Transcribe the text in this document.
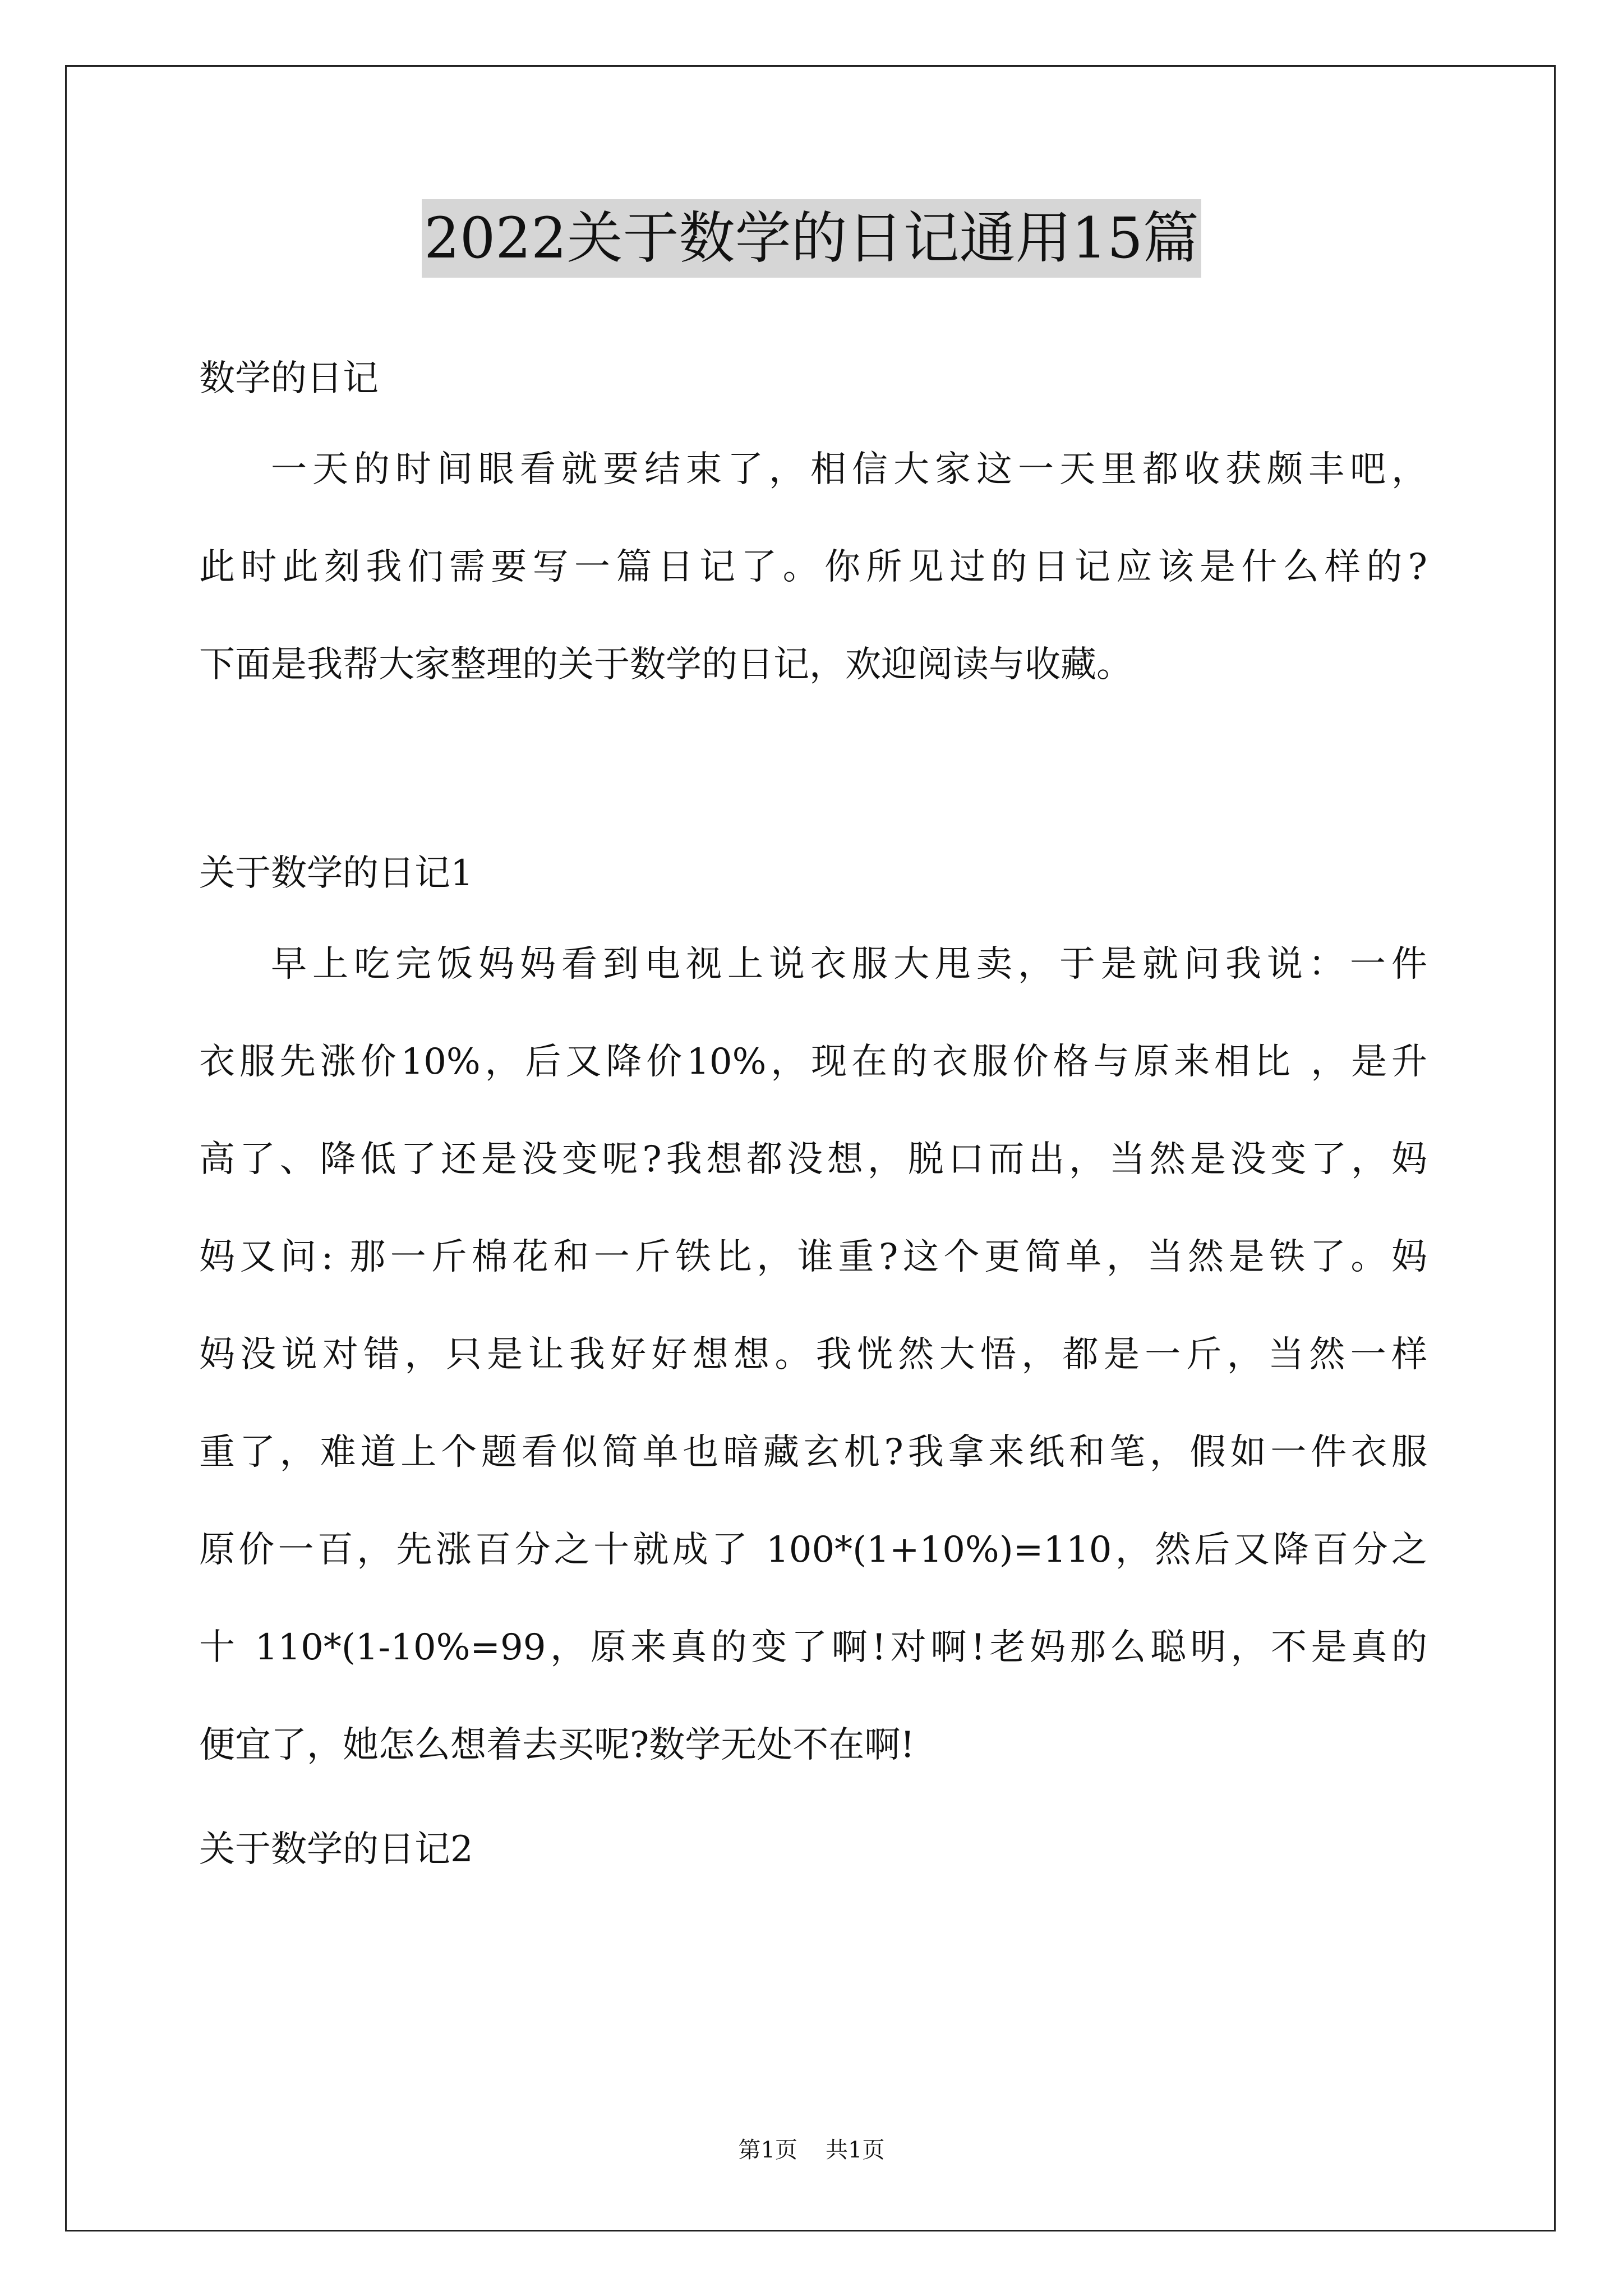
2022关于数学的日记通用15篇
数学的日记
一天的时间眼看就要结束了，相信大家这一天里都收获颇丰吧，
此时此刻我们需要写一篇日记了。你所见过的日记应该是什么样的?
下面是我帮大家整理的关于数学的日记，欢迎阅读与收藏。
关于数学的日记1
早上吃完饭妈妈看到电视上说衣服大甩卖，于是就问我说：一件
衣服先涨价10%，后又降价10%，现在的衣服价格与原来相比 ，是升
高了、降低了还是没变呢?我想都没想，脱口而出，当然是没变了，妈
妈又问: 那一斤棉花和一斤铁比，谁重?这个更简单，当然是铁了。妈
妈没说对错，只是让我好好想想。我恍然大悟，都是一斤，当然一样
重了，难道上个题看似简单也暗藏玄机?我拿来纸和笔，假如一件衣服
原价一百，先涨百分之十就成了 100*(1+10%)=110，然后又降百分之
十 110*(1-10%=99，原来真的变了啊!对啊!老妈那么聪明，不是真的
便宜了，她怎么想着去买呢?数学无处不在啊!
关于数学的日记2
第1页 共1页
